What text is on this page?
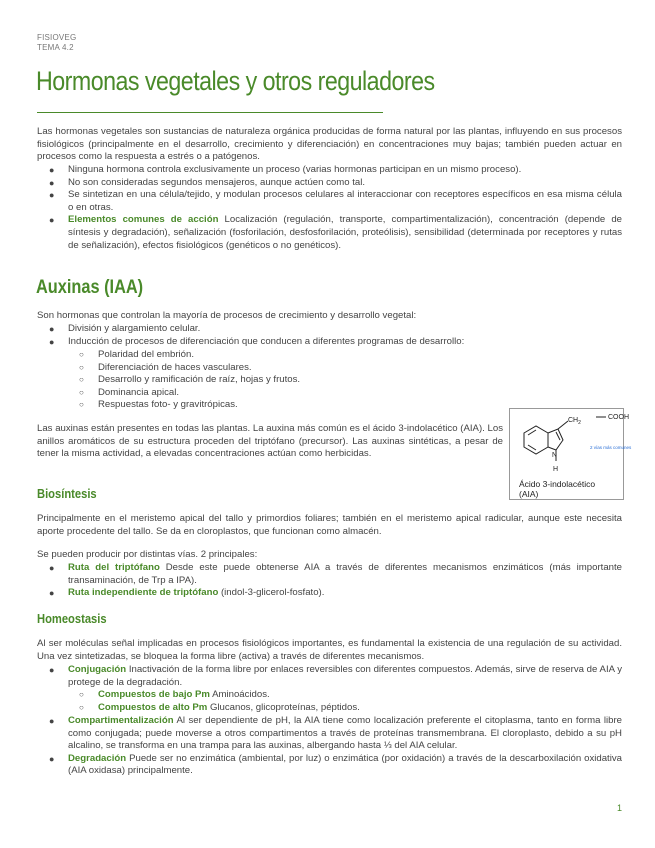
FISIOVEG
TEMA 4.2
Hormonas vegetales y otros reguladores
Las hormonas vegetales son sustancias de naturaleza orgánica producidas de forma natural por las plantas, influyendo en sus procesos fisiológicos (principalmente en el desarrollo, crecimiento y diferenciación) en concentraciones muy bajas; también pueden actuar en procesos como la respuesta a estrés o a patógenos.
● Ninguna hormona controla exclusivamente un proceso (varias hormonas participan en un mismo proceso).
● No son consideradas segundos mensajeros, aunque actúen como tal.
● Se sintetizan en una célula/tejido, y modulan procesos celulares al interaccionar con receptores específicos en esa misma célula o en otras.
● Elementos comunes de acción Localización (regulación, transporte, compartimentalización), concentración (depende de síntesis y degradación), señalización (fosforilación, desfosforilación, proteólisis), sensibilidad (determinada por receptores y rutas de señalización), efectos fisiológicos (genéticos o no genéticos).
Auxinas (IAA)
Son hormonas que controlan la mayoría de procesos de crecimiento y desarrollo vegetal:
● División y alargamiento celular.
● Inducción de procesos de diferenciación que conducen a diferentes programas de desarrollo:
○ Polaridad del embrión.
○ Diferenciación de haces vasculares.
○ Desarrollo y ramificación de raíz, hojas y frutos.
○ Dominancia apical.
○ Respuestas foto- y gravitrópicas.
Las auxinas están presentes en todas las plantas. La auxina más común es el ácido 3-indolacético (AIA). Los anillos aromáticos de su estructura proceden del triptófano (precursor). Las auxinas sintéticas, a pesar de tener la misma actividad, a elevadas concentraciones actúan como herbicidas.
$CH_2$
COOH
N
H
2 vías más comunes
Ácido 3-indolacético
(AIA)
Biosíntesis
Principalmente en el meristemo apical del tallo y primordios foliares; también en el meristemo apical radicular, aunque este necesita aporte procedente del tallo. Se da en cloroplastos, que funcionan como almacén.
Se pueden producir por distintas vías. 2 principales:
● Ruta del triptófano Desde este puede obtenerse AIA a través de diferentes mecanismos enzimáticos (más importante transaminación, de Trp a IPA).
● Ruta independiente de triptófano (indol-3-glicerol-fosfato).
Homeostasis
Al ser moléculas señal implicadas en procesos fisiológicos importantes, es fundamental la existencia de una regulación de su actividad. Una vez sintetizadas, se bloquea la forma libre (activa) a través de diferentes mecanismos.
● Conjugación Inactivación de la forma libre por enlaces reversibles con diferentes compuestos. Además, sirve de reserva de AIA y protege de la degradación.
○ Compuestos de bajo Pm Aminoácidos.
○ Compuestos de alto Pm Glucanos, glicoproteínas, péptidos.
● Compartimentalización Al ser dependiente de pH, la AIA tiene como localización preferente el citoplasma, tanto en forma libre como conjugada; puede moverse a otros compartimentos a través de proteínas transmembrana. El cloroplasto, debido a su pH alcalino, se transforma en una trampa para las auxinas, albergando hasta ⅓ del AIA celular.
● Degradación Puede ser no enzimática (ambiental, por luz) o enzimática (por oxidación) a través de la descarboxilación oxidativa (AIA oxidasa) principalmente.
1
